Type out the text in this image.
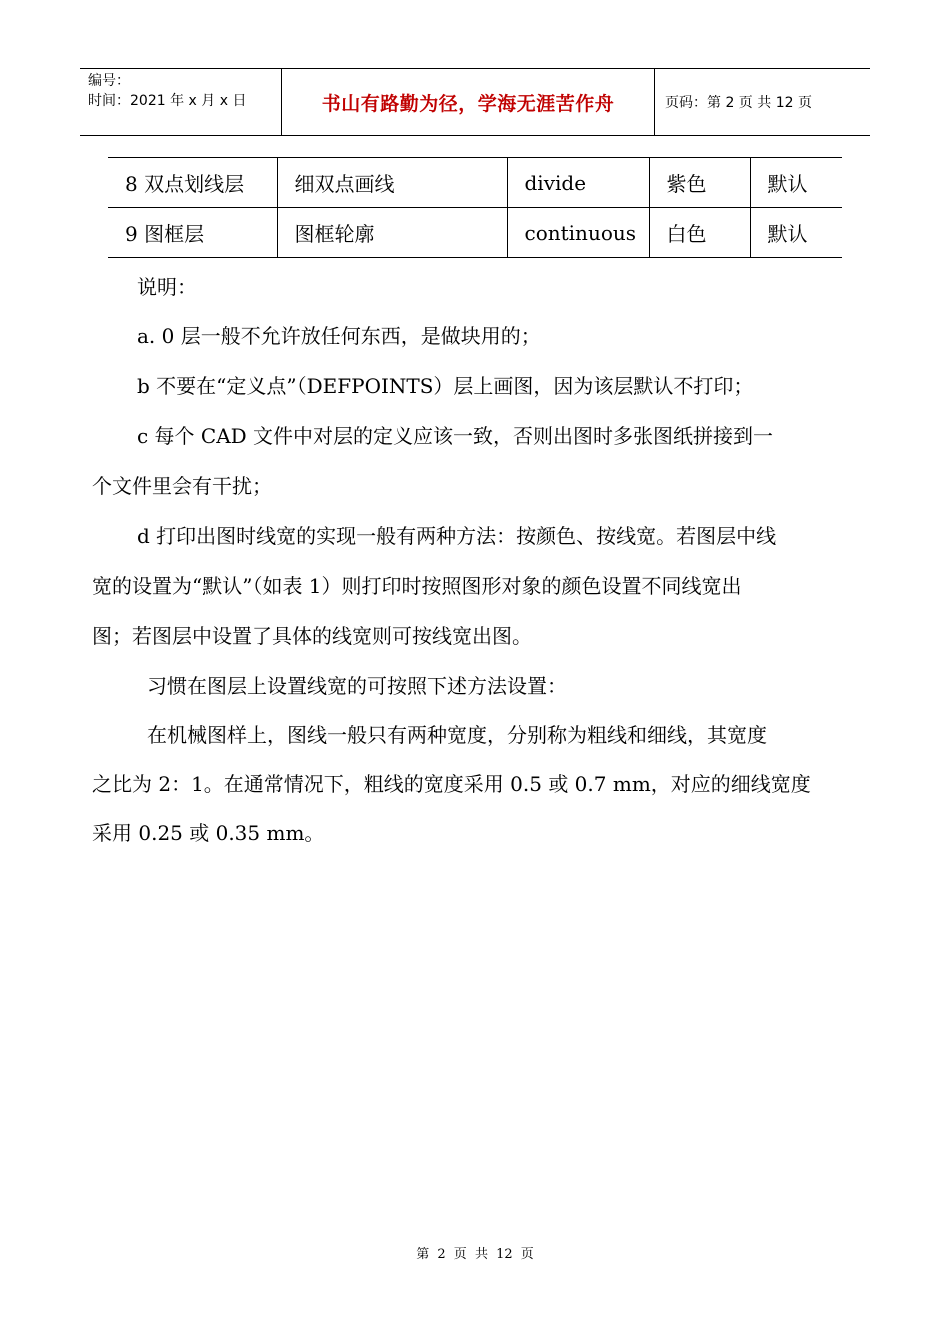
编号：
时间：2021 年 x 月 x 日	书山有路勤为径，学海无涯苦作舟	页码：第 2 页 共 12 页
8 双点划线层	细双点画线	divide	紫色	默认
9 图框层	图框轮廓	continuous	白色	默认
说明：
a. 0 层一般不允许放任何东西，是做块用的；
b 不要在“定义点”（DEFPOINTS）层上画图，因为该层默认不打印；
c 每个 CAD 文件中对层的定义应该一致，否则出图时多张图纸拼接到一
个文件里会有干扰；
d 打印出图时线宽的实现一般有两种方法：按颜色、按线宽。若图层中线
宽的设置为“默认”（如表 1）则打印时按照图形对象的颜色设置不同线宽出
图；若图层中设置了具体的线宽则可按线宽出图。
习惯在图层上设置线宽的可按照下述方法设置：
在机械图样上，图线一般只有两种宽度，分别称为粗线和细线，其宽度
之比为 2：1。在通常情况下，粗线的宽度采用 0.5 或 0.7 mm，对应的细线宽度
采用 0.25 或 0.35 mm。
第 2 页 共 12 页
